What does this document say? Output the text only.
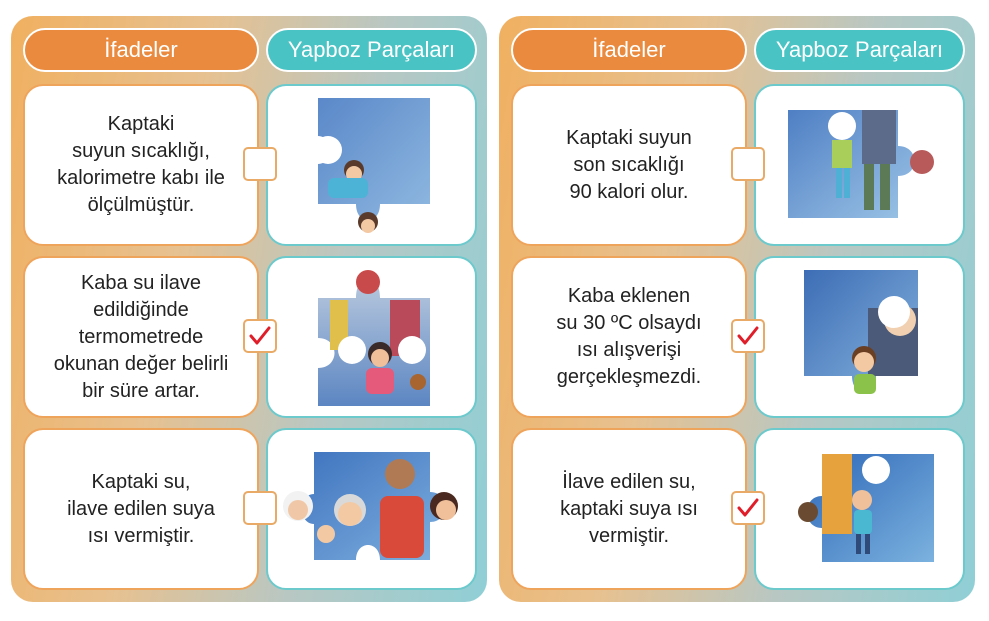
İfadeler	Yapboz Parçaları
Kaptaki
suyun sıcaklığı,
kalorimetre kabı ile
ölçülmüştür.
Kaba su ilave
edildiğinde
termometrede
okunan değer belirli
bir süre artar.
Kaptaki su,
ilave edilen suya
ısı vermiştir.
İfadeler	Yapboz Parçaları
Kaptaki suyun
son sıcaklığı
90 kalori olur.
Kaba eklenen
su 30 ºC olsaydı
ısı alışverişi
gerçekleşmezdi.
İlave edilen su,
kaptaki suya ısı
vermiştir.
